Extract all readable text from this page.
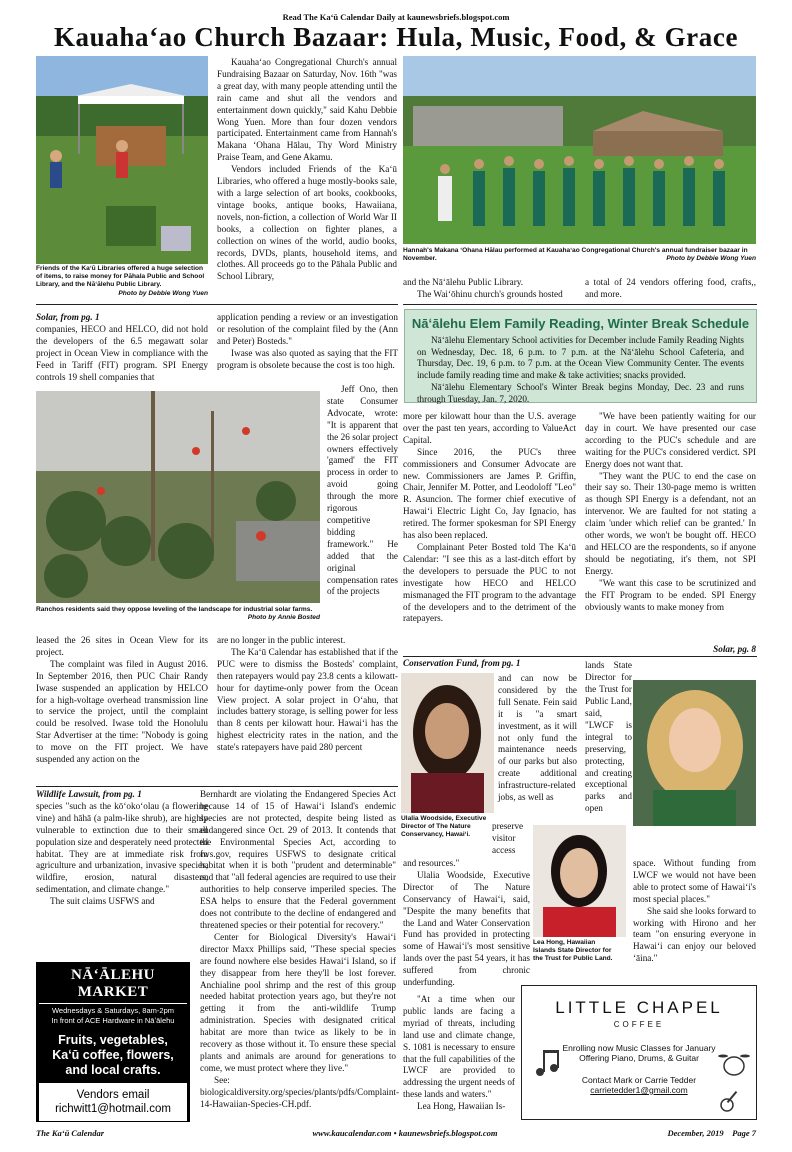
Read The Kaʻū Calendar Daily at kaunewsbriefs.blogspot.com
Kauahaʻao Church Bazaar: Hula, Music, Food, & Grace
Friends of the Kaʻū Libraries offered a huge selection of items, to raise money for Pāhala Public and School Library, and the Nāʻālehu Public Library.
Photo by Debbie Wong Yuen

Kauahaʻao Congregational Church's annual Fundraising Bazaar on Saturday, Nov. 16th "was a great day, with many people attending until the rain came and shut all the vendors and entertainment down quickly," said Kahu Debbie Wong Yuen. More than four dozen vendors participated. Entertainment came from Hannah's Makana ʻOhana Hālau, Thy Word Ministry Praise Team, and Gene Akamu.

Vendors included Friends of the Kaʻū Libraries, who offered a huge mostly-books sale, with a large selection of art books, cookbooks, vintage books, antique books, Hawaiiana, novels, non-fiction, a collection of World War II books, a collection on fighter planes, a collection on wines of the world, audio books, records, DVDs, plants, household items, and clothes. All proceeds go to the Pāhala Public and School Library,

Hannah's Makana ʻOhana Hālau performed at Kauahaʻao Congregational Church's annual fundraiser bazaar in November.	Photo by Debbie Wong Yuen

and the Nāʻālehu Public Library.

The Waiʻōhinu church's grounds hosted

a total of 24 vendors offering food, crafts,, and more.

Nāʻālehu Elem Family Reading, Winter Break Schedule

Nāʻālehu Elementary School activities for December include Family Reading Nights on Wednesday, Dec. 18, 6 p.m. to 7 p.m. at the Nāʻālehu School Cafeteria, and Thursday, Dec. 19, 6 p.m. to 7 p.m. at the Ocean View Community Center. The events include family reading time and make & take activities; snacks provided.

Nāʻālehu Elementary School's Winter Break begins Monday, Dec. 23 and runs through Tuesday, Jan. 7, 2020.

Solar, from pg. 1

companies, HECO and HELCO, did not hold the developers of the 6.5 megawatt solar project in Ocean View in compliance with the Feed in Tariff (FIT) program. SPI Energy controls 19 shell companies that

application pending a review or an investigation or resolution of the complaint filed by the (Ann and Peter) Bosteds."

Iwase was also quoted as saying that the FIT program is obsolete because the cost is too high.

Jeff Ono, then state Consumer Advocate, wrote: "It is apparent that the 26 solar project owners effectively 'gamed' the FIT process in order to avoid going through the more rigorous competitive bidding framework." He added that the original compensation rates of the projects

Ranchos residents said they oppose leveling of the landscape for industrial solar farms.
Photo by Annie Bosted

leased the 26 sites in Ocean View for its project.

The complaint was filed in August 2016. In September 2016, then PUC Chair Randy Iwase suspended an application by HELCO for a high-voltage overhead transmission line to service the project, until the complaint could be resolved. Iwase told the Honolulu Star Advertiser at the time: "Nobody is going to move on the FIT project. We have suspended any action on the

are no longer in the public interest.

The Kaʻū Calendar has established that if the PUC were to dismiss the Bosteds' complaint, then ratepayers would pay 23.8 cents a kilowatt-hour for daytime-only power from the Ocean View project. A solar project in Oʻahu, that includes battery storage, is selling power for less than 8 cents per kilowatt hour. Hawaiʻi has the highest electricity rates in the nation, and the state's ratepayers have paid 280 percent

more per kilowatt hour than the U.S. average over the past ten years, according to ValueAct Capital.

Since 2016, the PUC's three commissioners and Consumer Advocate are new. Commissioners are James P. Griffin, Chair, Jennifer M. Potter, and Leodoloff "Leo" R. Asuncion. The former chief executive of Hawaiʻi Electric Light Co, Jay Ignacio, has retired. The former spokesman for SPI Energy has also been replaced.

Complainant Peter Bosted told The Kaʻū Calendar: "I see this as a last-ditch effort by the developers to persuade the PUC to not investigate how HECO and HELCO mismanaged the FIT program to the advantage of the developers and to the detriment of the ratepayers.

"We have been patiently waiting for our day in court. We have presented our case according to the PUC's schedule and are waiting for the PUC's considered verdict. SPI Energy does not want that.

"They want the PUC to end the case on their say so. Their 130-page memo is written as though SPI Energy is a defendant, not an intervenor. We are faulted for not stating a claim 'under which relief can be granted.' In other words, we won't be bought off. HECO and HELCO are the respondents, so if anyone should be negotiating, it's them, not SPI Energy.

"We want this case to be scrutinized and the FIT Program to be ended. SPI Energy obviously wants to make money from

Solar, pg. 8
Conservation Fund, from pg. 1
Ulalia Woodside, Executive Director of The Nature Conservancy, Hawaiʻi.

and can now be considered by the full Senate. Fein said it is "a smart investment, as it will not only fund the maintenance needs of our parks but also create additional infrastructure-related jobs, as well as

preserve visitor access

and resources."

Ulalia Woodside, Executive Director of The Nature Conservancy of Hawaiʻi, said, "Despite the many benefits that the Land and Water Conservation Fund has provided in protecting some of Hawaiʻi's most sensitive lands over the past 54 years, it has suffered from chronic underfunding.

"At a time when our public lands are facing a myriad of threats, including land use and climate change, S. 1081 is necessary to ensure that the full capabilities of the LWCF are provided to addressing the urgent needs of these lands and waters."

Lea Hong, Hawaiian Is-

Lea Hong, Hawaiian Islands State Director for the Trust for Public Land.

lands State Director for the Trust for Public Land,

said, "LWCF is integral to preserving, protecting, and creating exceptional parks and open

space. Without funding from LWCF we would not have been able to protect some of Hawaiʻi's most special places."

She said she looks forward to working with Hirono and her team "on ensuring everyone in Hawaiʻi can enjoy our beloved ʻāina."

Wildlife Lawsuit, from pg. 1

species "such as the kōʻokoʻolau (a flowering vine) and hāhā (a palm-like shrub), are highly vulnerable to extinction due to their small population size and desperately need protected habitat. They are at immediate risk from agriculture and urbanization, invasive species, wildfire, erosion, natural disasters, sedimentation, and climate change."

The suit claims USFWS and

Bernhardt are violating the Endangered Species Act because 14 of 15 of Hawaiʻi Island's endemic species are not protected, despite being listed as endangered since Oct. 29 of 2013. It contends that the Environmental Species Act, according to fws.gov, requires USFWS to designate critical habitat when it is both "prudent and determinable" and that "all federal agencies are required to use their authorities to help conserve imperiled species. The ESA helps to ensure that the Federal government does not contribute to the decline of endangered and threatened species or their potential for recovery."

Center for Biological Diversity's Hawaiʻi director Maxx Phillips said, "These special species are found nowhere else besides Hawaiʻi Island, so if they disappear from here they'll be lost forever. Anchialine pool shrimp and the rest of this group needed habitat protection years ago, but they're not getting it from the anti-wildlife Trump administration. Species with designated critical habitat are more than twice as likely to be in recovery as those without it. To ensure these special plants and animals are around for generations to come, we must protect where they live."

See: biologicaldiversity.org/species/plants/pdfs/Complaint-14-Hawaiian-Species-CH.pdf.

NĀʻĀLEHU MARKET
Wednesdays & Saturdays, 8am-2pm
In front of ACE Hardware in Nāʻālehu
Fruits, vegetables, Kaʻū coffee, flowers, and local crafts.
Vendors email
richwitt1@hotmail.com
LITTLE CHAPEL
COFFEE
Enrolling now Music Classes for January
Offering Piano, Drums, & Guitar
Contact Mark or Carrie Tedder
carrietedder1@gmail.com
The Kaʻū Calendar	www.kaucalendar.com • kaunewsbriefs.blogspot.com	December, 2019    Page 7
